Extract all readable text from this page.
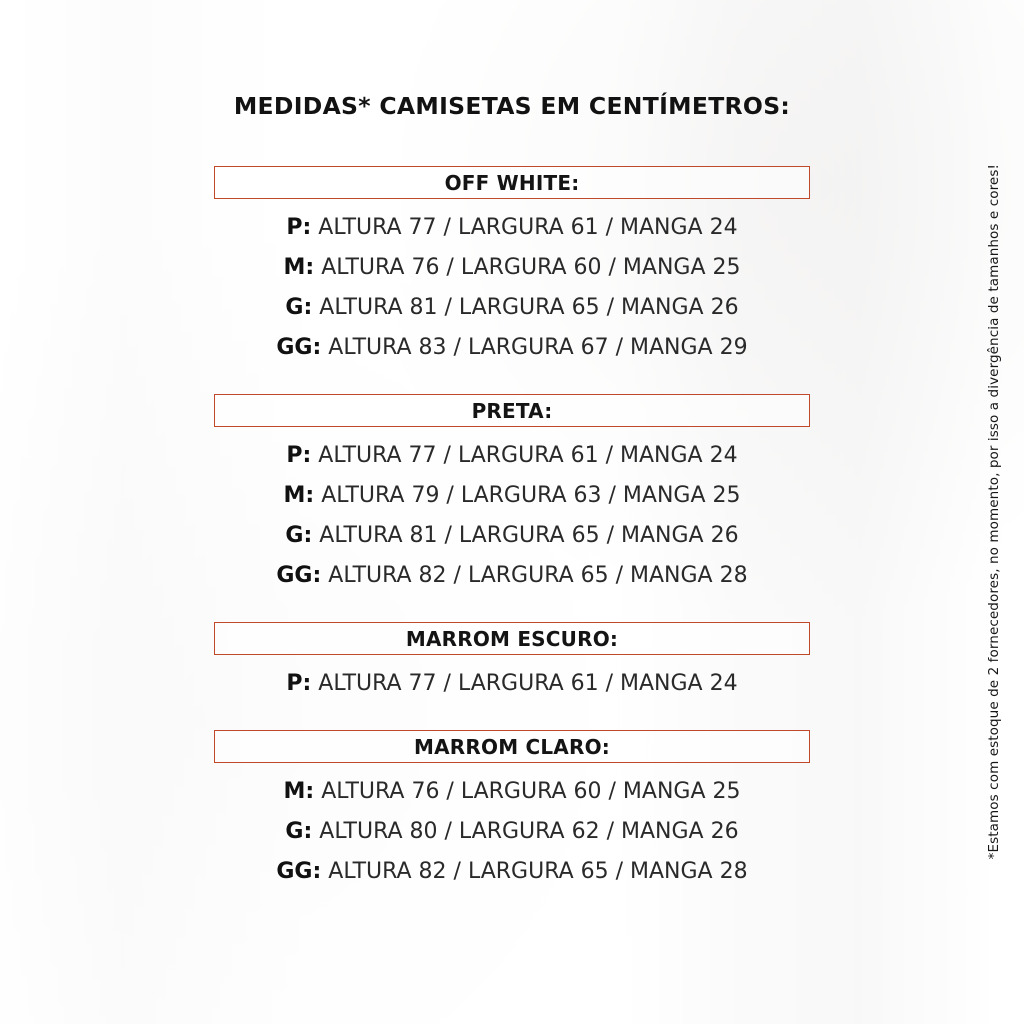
MEDIDAS* CAMISETAS EM CENTÍMETROS:
OFF WHITE:
P: ALTURA 77 / LARGURA 61 / MANGA 24
M: ALTURA 76 / LARGURA 60 / MANGA 25
G: ALTURA 81 / LARGURA 65 / MANGA 26
GG: ALTURA 83 / LARGURA 67 / MANGA 29
PRETA:
P: ALTURA 77 / LARGURA 61 / MANGA 24
M: ALTURA 79 / LARGURA 63 / MANGA 25
G: ALTURA 81 / LARGURA 65 / MANGA 26
GG: ALTURA 82 / LARGURA 65 / MANGA 28
MARROM ESCURO:
P: ALTURA 77 / LARGURA 61 / MANGA 24
MARROM CLARO:
M: ALTURA 76 / LARGURA 60 / MANGA 25
G: ALTURA 80 / LARGURA 62 / MANGA 26
GG: ALTURA 82 / LARGURA 65 / MANGA 28
*Estamos com estoque de 2 fornecedores, no momento, por isso a divergência de tamanhos e cores!
